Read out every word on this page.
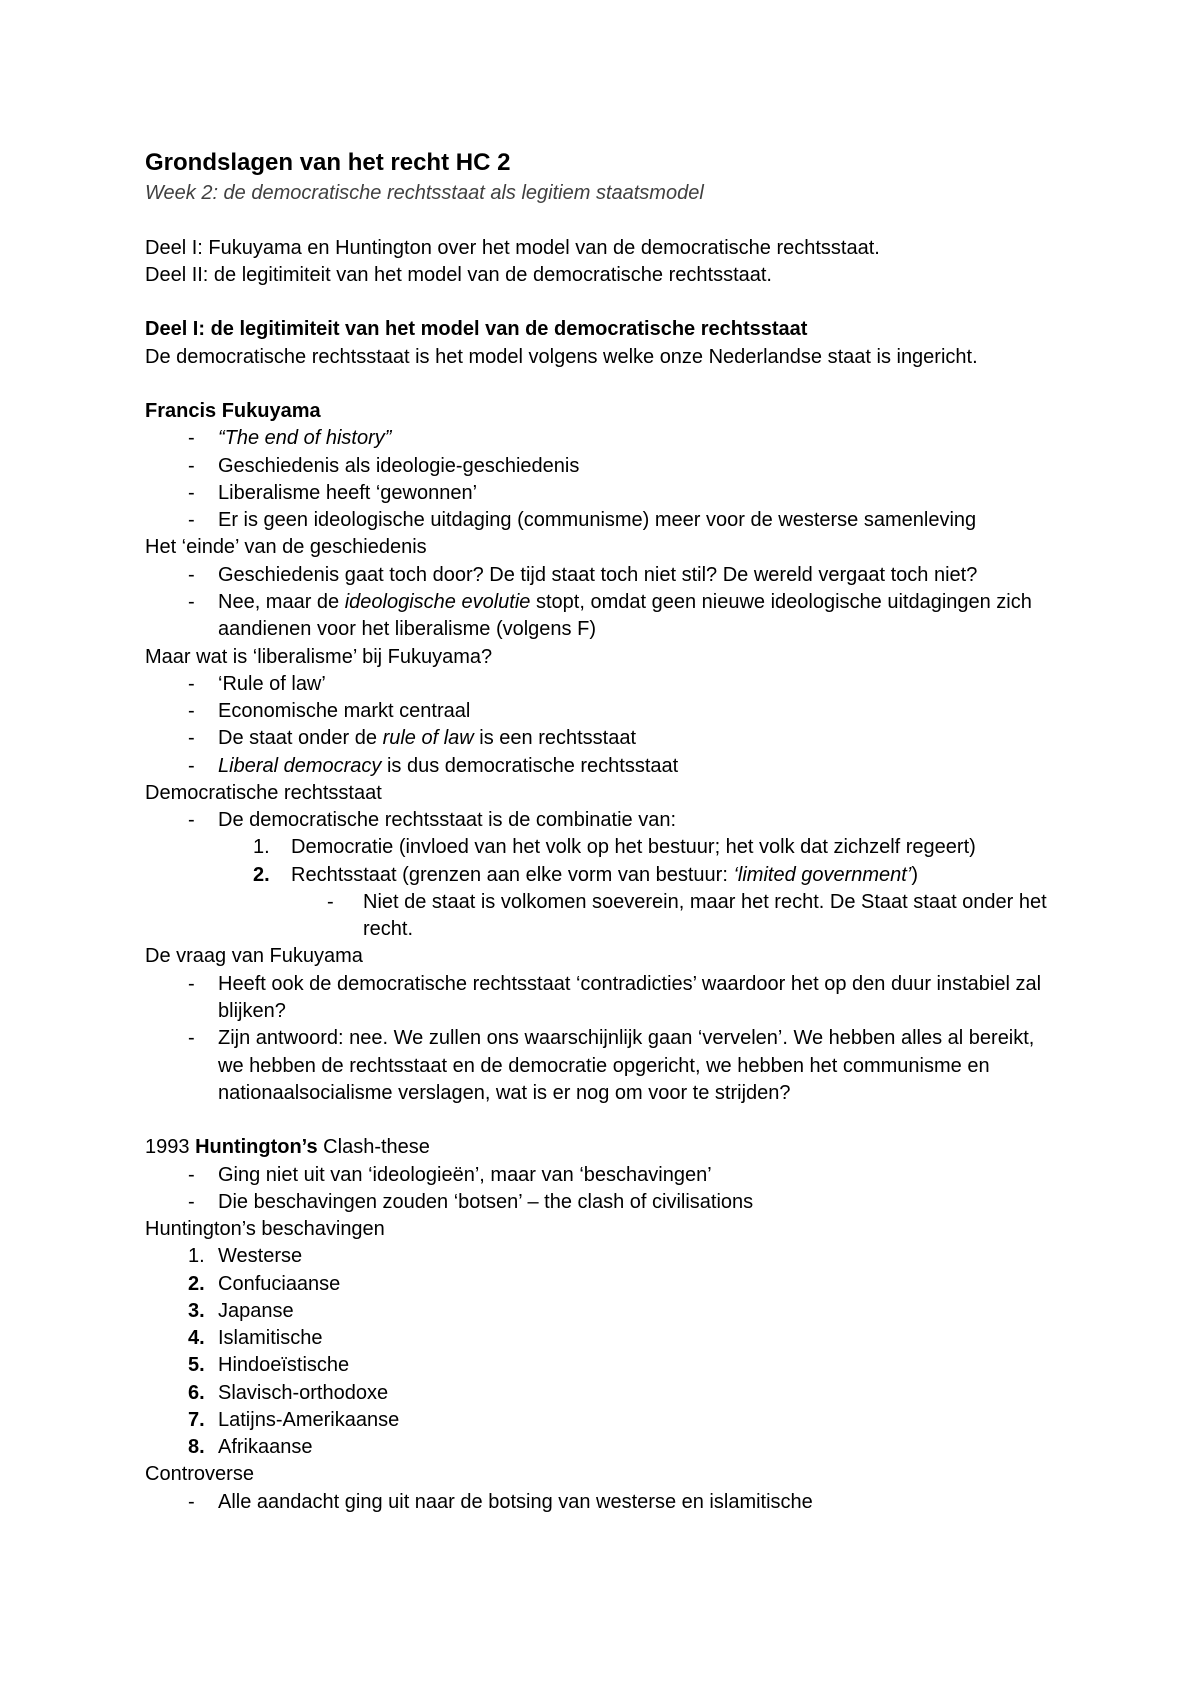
Grondslagen van het recht HC 2
Week 2: de democratische rechtsstaat als legitiem staatsmodel
Deel I: Fukuyama en Huntington over het model van de democratische rechtsstaat.
Deel II: de legitimiteit van het model van de democratische rechtsstaat.
Deel I: de legitimiteit van het model van de democratische rechtsstaat
De democratische rechtsstaat is het model volgens welke onze Nederlandse staat is ingericht.
Francis Fukuyama
- “The end of history”
- Geschiedenis als ideologie-geschiedenis
- Liberalisme heeft ‘gewonnen’
- Er is geen ideologische uitdaging (communisme) meer voor de westerse samenleving
Het ‘einde’ van de geschiedenis
- Geschiedenis gaat toch door? De tijd staat toch niet stil? De wereld vergaat toch niet?
- Nee, maar de ideologische evolutie stopt, omdat geen nieuwe ideologische uitdagingen zich
aandienen voor het liberalisme (volgens F)
Maar wat is ‘liberalisme’ bij Fukuyama?
- ‘Rule of law’
- Economische markt centraal
- De staat onder de rule of law is een rechtsstaat
- Liberal democracy is dus democratische rechtsstaat
Democratische rechtsstaat
- De democratische rechtsstaat is de combinatie van:
1. Democratie (invloed van het volk op het bestuur; het volk dat zichzelf regeert)
2. Rechtsstaat (grenzen aan elke vorm van bestuur: ‘limited government’)
- Niet de staat is volkomen soeverein, maar het recht. De Staat staat onder het
recht.
De vraag van Fukuyama
- Heeft ook de democratische rechtsstaat ‘contradicties’ waardoor het op den duur instabiel zal
blijken?
- Zijn antwoord: nee. We zullen ons waarschijnlijk gaan ‘vervelen’. We hebben alles al bereikt,
we hebben de rechtsstaat en de democratie opgericht, we hebben het communisme en
nationaalsocialisme verslagen, wat is er nog om voor te strijden?
1993 Huntington’s Clash-these
- Ging niet uit van ‘ideologieën’, maar van ‘beschavingen’
- Die beschavingen zouden ‘botsen’ – the clash of civilisations
Huntington’s beschavingen
1. Westerse
2. Confuciaanse
3. Japanse
4. Islamitische
5. Hindoeïstische
6. Slavisch-orthodoxe
7. Latijns-Amerikaanse
8. Afrikaanse
Controverse
- Alle aandacht ging uit naar de botsing van westerse en islamitische
